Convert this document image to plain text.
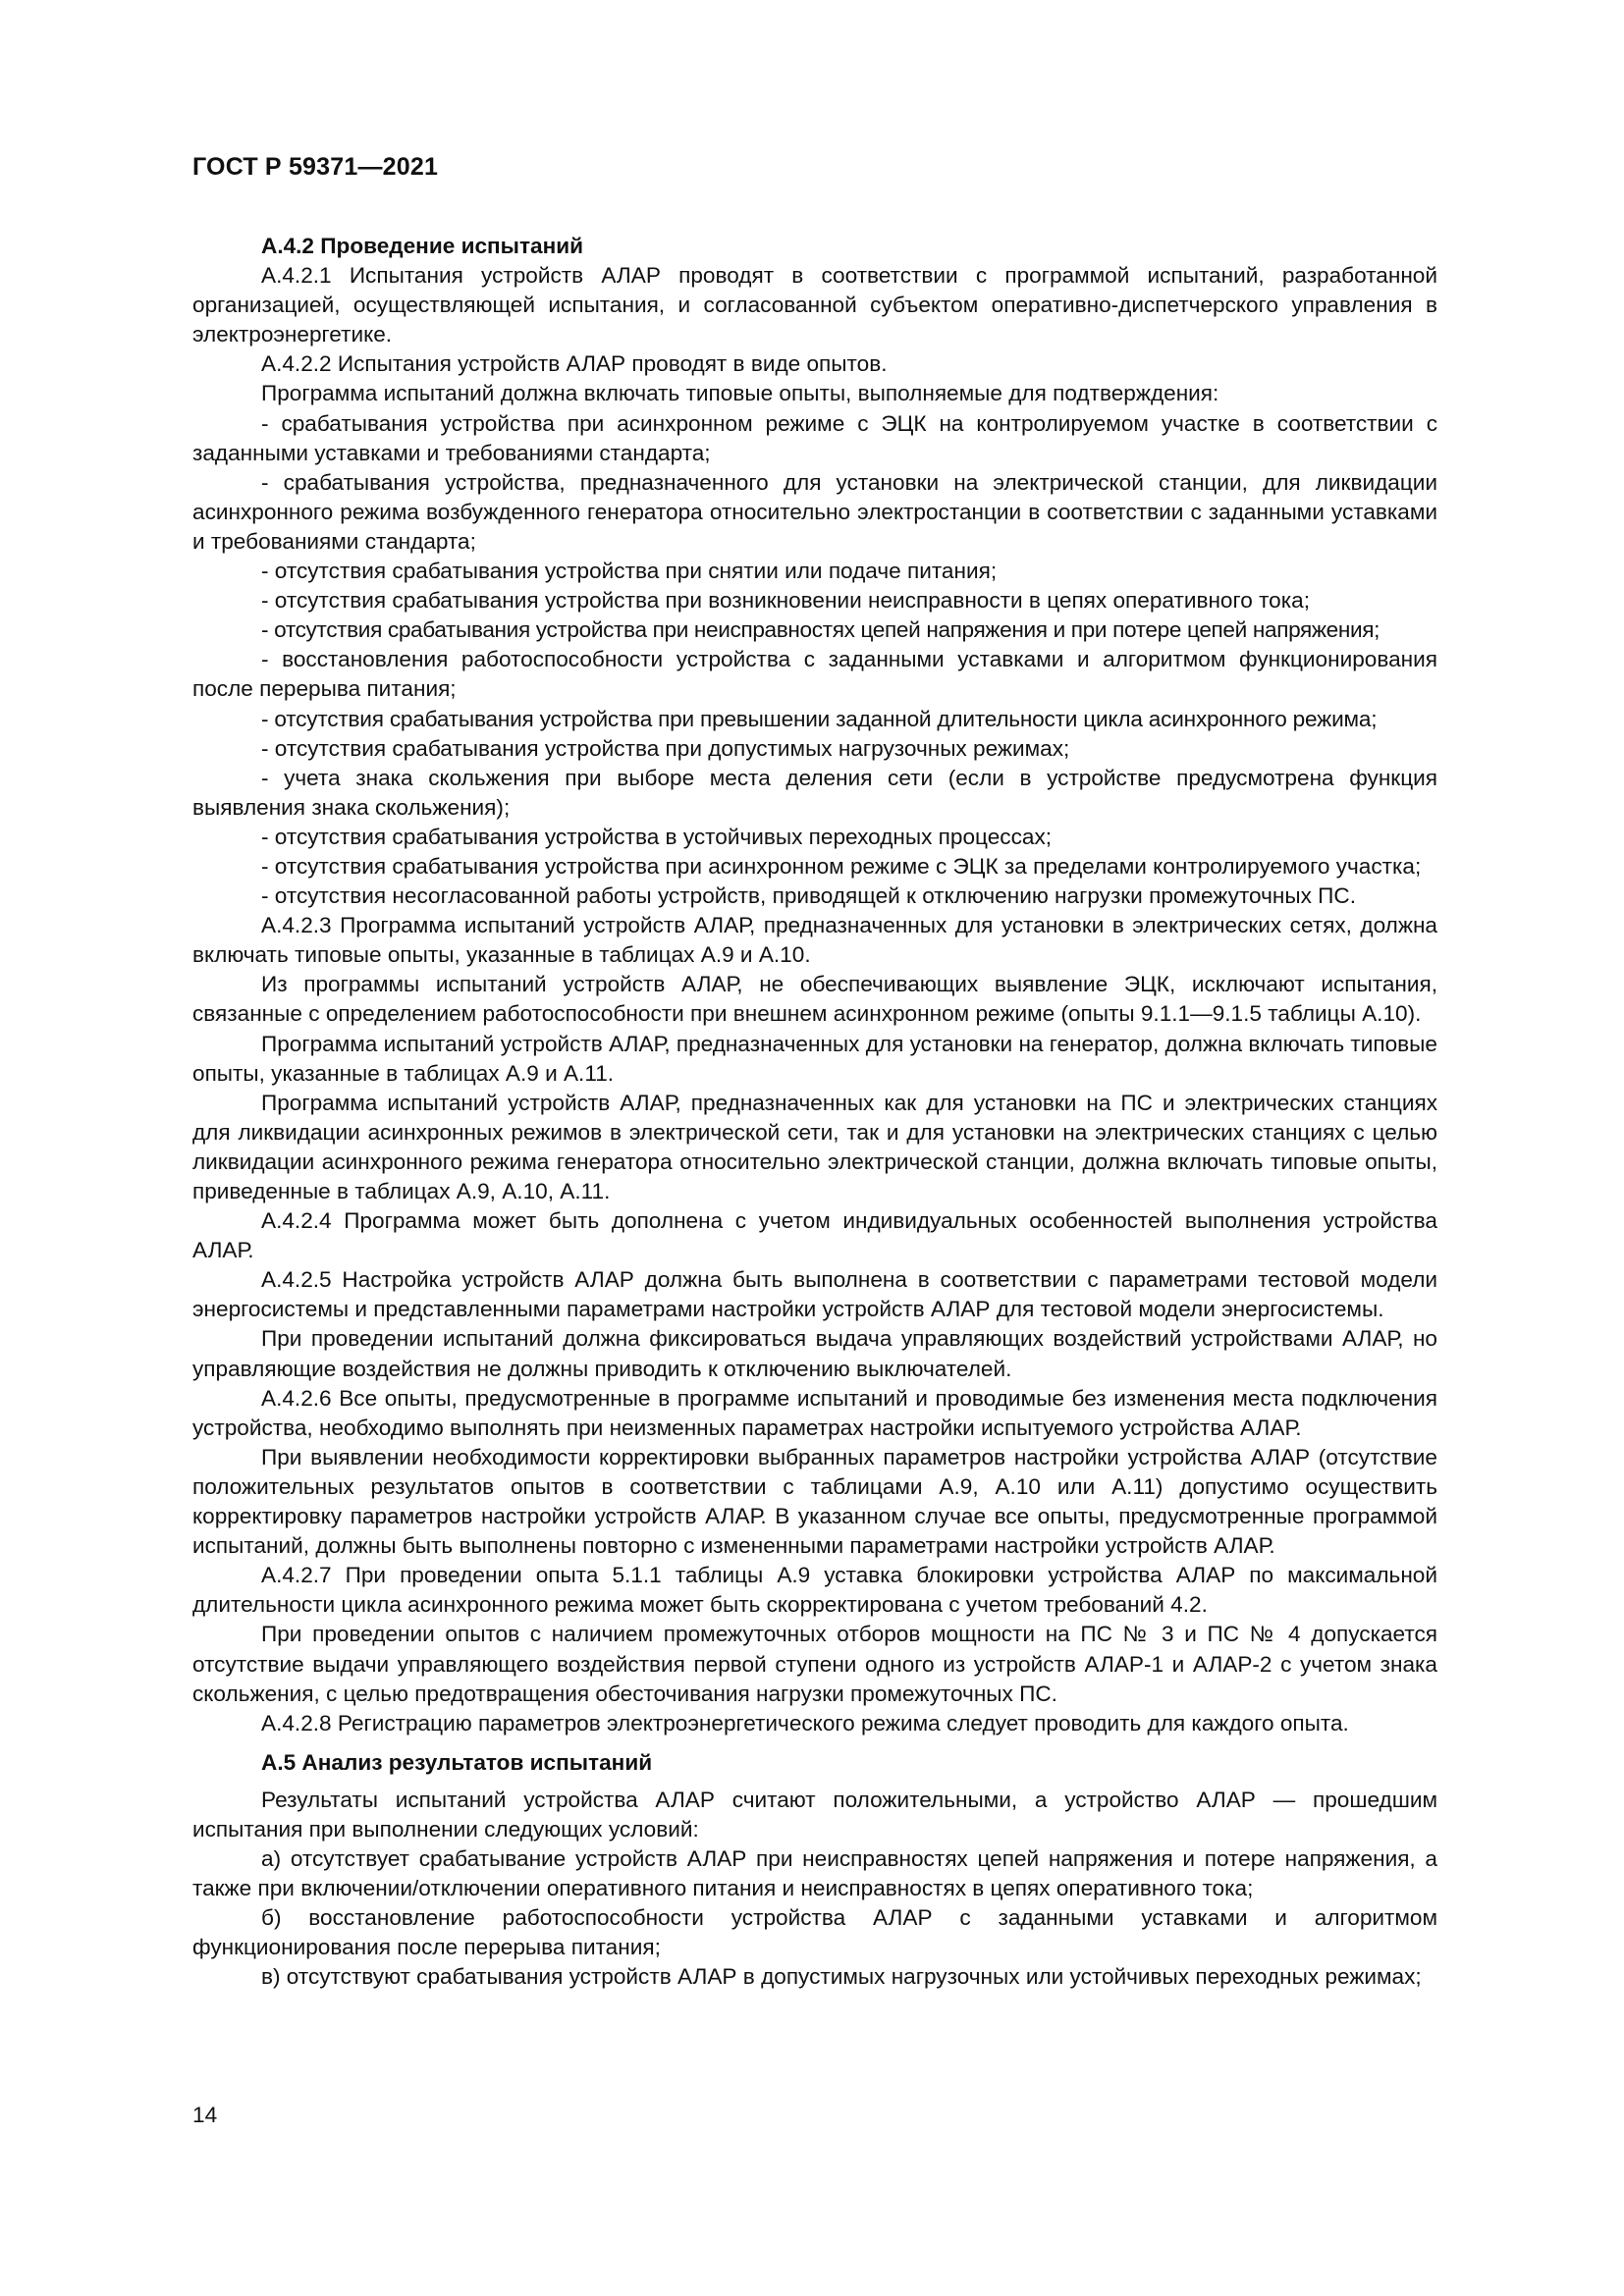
ГОСТ Р 59371—2021

А.4.2 Проведение испытаний

А.4.2.1 Испытания устройств АЛАР проводят в соответствии с программой испытаний, разработанной организацией, осуществляющей испытания, и согласованной субъектом оперативно-диспетчерского управления в электроэнергетике.

А.4.2.2 Испытания устройств АЛАР проводят в виде опытов.

Программа испытаний должна включать типовые опыты, выполняемые для подтверждения:

- срабатывания устройства при асинхронном режиме с ЭЦК на контролируемом участке в соответствии с заданными уставками и требованиями стандарта;

- срабатывания устройства, предназначенного для установки на электрической станции, для ликвидации асинхронного режима возбужденного генератора относительно электростанции в соответствии с заданными уставками и требованиями стандарта;

- отсутствия срабатывания устройства при снятии или подаче питания;

- отсутствия срабатывания устройства при возникновении неисправности в цепях оперативного тока;

- отсутствия срабатывания устройства при неисправностях цепей напряжения и при потере цепей напряжения;

- восстановления работоспособности устройства с заданными уставками и алгоритмом функционирования после перерыва питания;

- отсутствия срабатывания устройства при превышении заданной длительности цикла асинхронного режима;

- отсутствия срабатывания устройства при допустимых нагрузочных режимах;

- учета знака скольжения при выборе места деления сети (если в устройстве предусмотрена функция выявления знака скольжения);

- отсутствия срабатывания устройства в устойчивых переходных процессах;

- отсутствия срабатывания устройства при асинхронном режиме с ЭЦК за пределами контролируемого участка;

- отсутствия несогласованной работы устройств, приводящей к отключению нагрузки промежуточных ПС.

А.4.2.3 Программа испытаний устройств АЛАР, предназначенных для установки в электрических сетях, должна включать типовые опыты, указанные в таблицах А.9 и А.10.

Из программы испытаний устройств АЛАР, не обеспечивающих выявление ЭЦК, исключают испытания, связанные с определением работоспособности при внешнем асинхронном режиме (опыты 9.1.1—9.1.5 таблицы А.10).

Программа испытаний устройств АЛАР, предназначенных для установки на генератор, должна включать типовые опыты, указанные в таблицах А.9 и А.11.

Программа испытаний устройств АЛАР, предназначенных как для установки на ПС и электрических станциях для ликвидации асинхронных режимов в электрической сети, так и для установки на электрических станциях с целью ликвидации асинхронного режима генератора относительно электрической станции, должна включать типовые опыты, приведенные в таблицах А.9, А.10, А.11.

А.4.2.4 Программа может быть дополнена с учетом индивидуальных особенностей выполнения устройства АЛАР.

А.4.2.5 Настройка устройств АЛАР должна быть выполнена в соответствии с параметрами тестовой модели энергосистемы и представленными параметрами настройки устройств АЛАР для тестовой модели энергосистемы.

При проведении испытаний должна фиксироваться выдача управляющих воздействий устройствами АЛАР, но управляющие воздействия не должны приводить к отключению выключателей.

А.4.2.6 Все опыты, предусмотренные в программе испытаний и проводимые без изменения места подключения устройства, необходимо выполнять при неизменных параметрах настройки испытуемого устройства АЛАР.

При выявлении необходимости корректировки выбранных параметров настройки устройства АЛАР (отсутствие положительных результатов опытов в соответствии с таблицами А.9, А.10 или А.11) допустимо осуществить корректировку параметров настройки устройств АЛАР. В указанном случае все опыты, предусмотренные программой испытаний, должны быть выполнены повторно с измененными параметрами настройки устройств АЛАР.

А.4.2.7 При проведении опыта 5.1.1 таблицы А.9 уставка блокировки устройства АЛАР по максимальной длительности цикла асинхронного режима может быть скорректирована с учетом требований 4.2.

При проведении опытов с наличием промежуточных отборов мощности на ПС № 3 и ПС № 4 допускается отсутствие выдачи управляющего воздействия первой ступени одного из устройств АЛАР-1 и АЛАР-2 с учетом знака скольжения, с целью предотвращения обесточивания нагрузки промежуточных ПС.

А.4.2.8 Регистрацию параметров электроэнергетического режима следует проводить для каждого опыта.

А.5 Анализ результатов испытаний

Результаты испытаний устройства АЛАР считают положительными, а устройство АЛАР — прошедшим испытания при выполнении следующих условий:

а) отсутствует срабатывание устройств АЛАР при неисправностях цепей напряжения и потере напряжения, а также при включении/отключении оперативного питания и неисправностях в цепях оперативного тока;

б) восстановление работоспособности устройства АЛАР с заданными уставками и алгоритмом функционирования после перерыва питания;

в) отсутствуют срабатывания устройств АЛАР в допустимых нагрузочных или устойчивых переходных режимах;

14
